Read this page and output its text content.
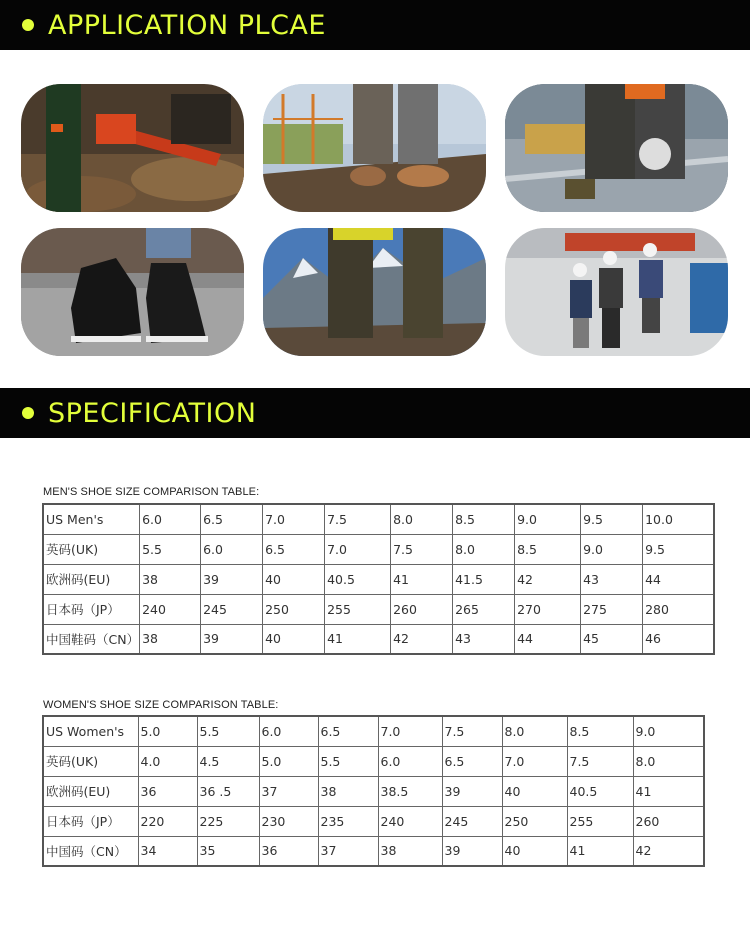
APPLICATION PLCAE
SPECIFICATION
MEN'S SHOE SIZE COMPARISON TABLE:
US Men's	6.0	6.5	7.0	7.5	8.0	8.5	9.0	9.5	10.0
英码(UK)	5.5	6.0	6.5	7.0	7.5	8.0	8.5	9.0	9.5
欧洲码(EU)	38	39	40	40.5	41	41.5	42	43	44
日本码（JP）	240	245	250	255	260	265	270	275	280
中国鞋码（CN）	38	39	40	41	42	43	44	45	46
WOMEN'S SHOE SIZE COMPARISON TABLE:
US Women's	5.0	5.5	6.0	6.5	7.0	7.5	8.0	8.5	9.0
英码(UK)	4.0	4.5	5.0	5.5	6.0	6.5	7.0	7.5	8.0
欧洲码(EU)	36	36 .5	37	38	38.5	39	40	40.5	41
日本码（JP）	220	225	230	235	240	245	250	255	260
中国码（CN）	34	35	36	37	38	39	40	41	42
